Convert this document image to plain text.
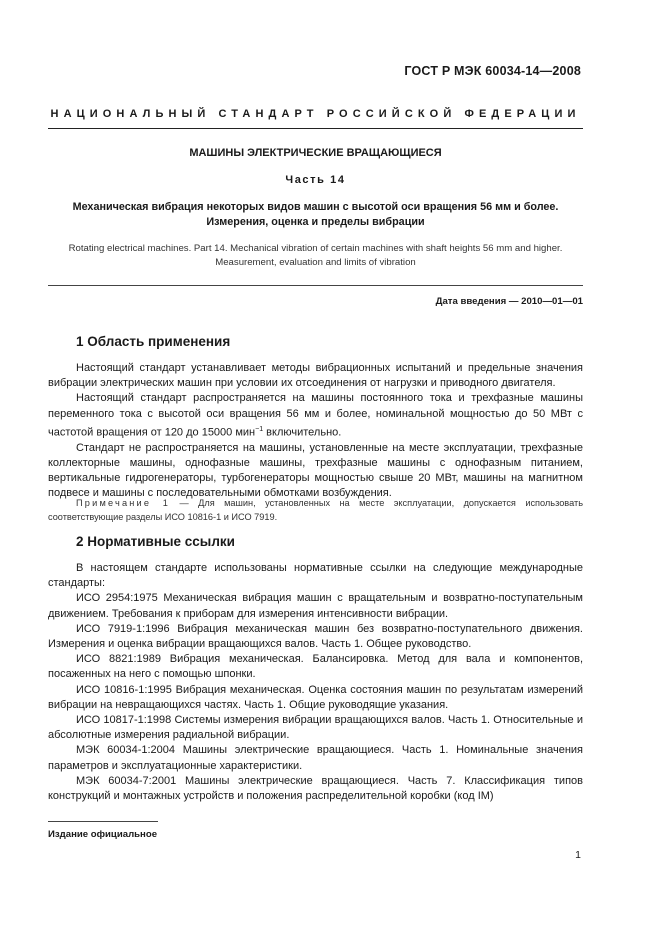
ГОСТ Р МЭК 60034-14—2008
НАЦИОНАЛЬНЫЙ СТАНДАРТ РОССИЙСКОЙ ФЕДЕРАЦИИ
МАШИНЫ ЭЛЕКТРИЧЕСКИЕ ВРАЩАЮЩИЕСЯ
Часть 14
Механическая вибрация некоторых видов машин с высотой оси вращения 56 мм и более.
Измерения, оценка и пределы вибрации
Rotating electrical machines. Part 14. Mechanical vibration of certain machines with shaft heights 56 mm and higher.
Measurement, evaluation and limits of vibration
Дата введения — 2010—01—01
1 Область применения

Настоящий стандарт устанавливает методы вибрационных испытаний и предельные значения вибрации электрических машин при условии их отсоединения от нагрузки и приводного двигателя.

Настоящий стандарт распространяется на машины постоянного тока и трехфазные машины переменного тока с высотой оси вращения 56 мм и более, номинальной мощностью до 50 МВт с частотой вращения от 120 до 15000 мин$^{-1}$ включительно.

Стандарт не распространяется на машины, установленные на месте эксплуатации, трехфазные коллекторные машины, однофазные машины, трехфазные машины с однофазным питанием, вертикальные гидрогенераторы, турбогенераторы мощностью свыше 20 МВт, машины на магнитном подвесе и машины с последовательными обмотками возбуждения.

Примечание 1 — Для машин, установленных на месте эксплуатации, допускается использовать соответствующие разделы ИСО 10816-1 и ИСО 7919.

2 Нормативные ссылки

В настоящем стандарте использованы нормативные ссылки на следующие международные стандарты:

ИСО 2954:1975 Механическая вибрация машин с вращательным и возвратно-поступательным движением. Требования к приборам для измерения интенсивности вибрации.

ИСО 7919-1:1996 Вибрация механическая машин без возвратно-поступательного движения. Измерения и оценка вибрации вращающихся валов. Часть 1. Общее руководство.

ИСО 8821:1989 Вибрация механическая. Балансировка. Метод для вала и компонентов, посаженных на него с помощью шпонки.

ИСО 10816-1:1995 Вибрация механическая. Оценка состояния машин по результатам измерений вибрации на невращающихся частях. Часть 1. Общие руководящие указания.

ИСО 10817-1:1998 Системы измерения вибрации вращающихся валов. Часть 1. Относительные и абсолютные измерения радиальной вибрации.

МЭК 60034-1:2004 Машины электрические вращающиеся. Часть 1. Номинальные значения параметров и эксплуатационные характеристики.

МЭК 60034-7:2001 Машины электрические вращающиеся. Часть 7. Классификация типов конструкций и монтажных устройств и положения распределительной коробки (код IM)

Издание официальное
1
